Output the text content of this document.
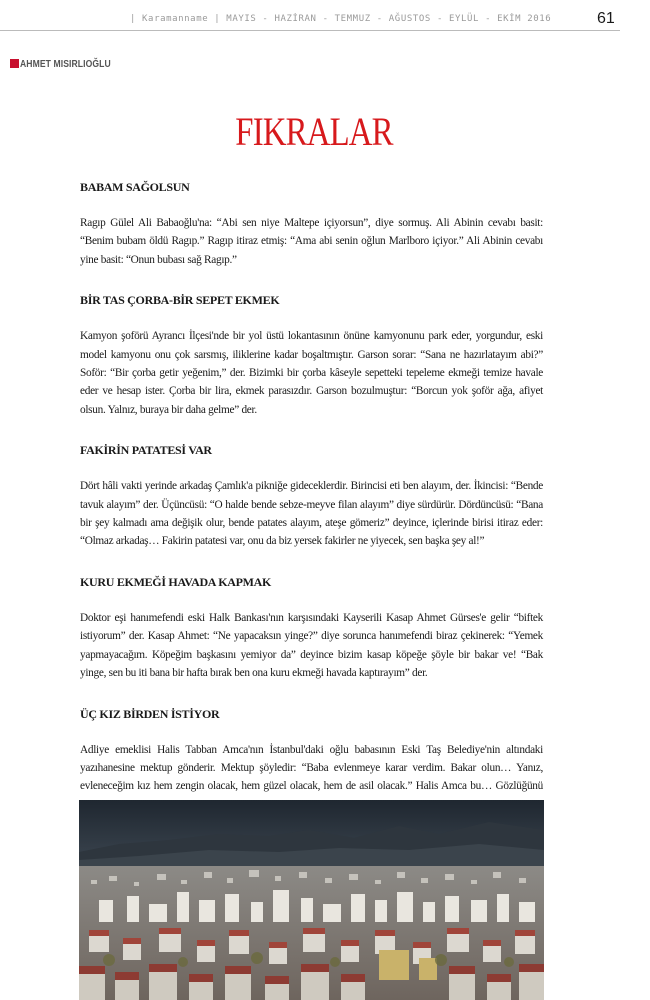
| Karamanname | MAYIS - HAZİRAN - TEMMUZ - AĞUSTOS - EYLÜL - EKİM 2016	61
AHMET MISIRLIOĞLU
FIKRALAR
BABAM SAĞOLSUN

Ragıp Gülel Ali Babaoğlu'na: “Abi sen niye Maltepe içiyorsun”, diye sormuş. Ali Abinin cevabı basit: “Benim bubam öldü Ragıp.” Ragıp itiraz etmiş: “Ama abi senin oğlun Marlboro içiyor.” Ali Abinin cevabı yine basit: “Onun bubası sağ Ragıp.”

BİR TAS ÇORBA-BİR SEPET EKMEK

Kamyon şoförü Ayrancı İlçesi'nde bir yol üstü lokantasının önüne kamyonunu park eder, yorgundur, eski model kamyonu onu çok sarsmış, iliklerine kadar boşaltmıştır. Garson sorar: “Sana ne hazırlatayım abi?” Soför: “Bir çorba getir yeğenim,” der. Bizimki bir çorba kâseyle sepetteki tepeleme ekmeği temize havale eder ve hesap ister. Çorba bir lira, ekmek parasızdır. Garson bozulmuştur: “Borcun yok şoför ağa, afiyet olsun. Yalnız, buraya bir daha gelme” der.

FAKİRİN PATATESİ VAR

Dört hâli vakti yerinde arkadaş Çamlık'a pikniğe gideceklerdir. Birincisi eti ben alayım, der. İkincisi: “Bende tavuk alayım” der. Üçüncüsü: “O halde bende sebze-meyve filan alayım” diye sürdürür. Dördüncüsü: “Bana bir şey kalmadı ama değişik olur, bende patates alayım, ateşe gömeriz” deyince, içlerinde birisi itiraz eder: “Olmaz arkadaş… Fakirin patatesi var, onu da biz yersek fakirler ne yiyecek, sen başka şey al!”

KURU EKMEĞİ HAVADA KAPMAK

Doktor eşi hanımefendi eski Halk Bankası'nın karşısındaki Kayserili Kasap Ahmet Gürses'e gelir “biftek istiyorum” der. Kasap Ahmet: “Ne yapacaksın yinge?” diye sorunca hanımefendi biraz çekinerek: “Yemek yapmayacağım. Köpeğim başkasını yemiyor da” deyince bizim kasap köpeğe şöyle bir bakar ve! “Bak yinge, sen bu iti bana bir hafta bırak ben ona kuru ekmeği havada kaptırayım” der.

ÜÇ KIZ BİRDEN İSTİYOR

Adliye emeklisi Halis Tabban Amca'nın İstanbul'daki oğlu babasının Eski Taş Belediye'nin altındaki yazıhanesine mektup gönderir. Mektup şöyledir: “Baba evlenmeye karar verdim. Bakar olun… Yanız, evleneceğim kız hem zengin olacak, hem güzel olacak, hem de asil olacak.” Halis Amca bu… Gözlüğünü
